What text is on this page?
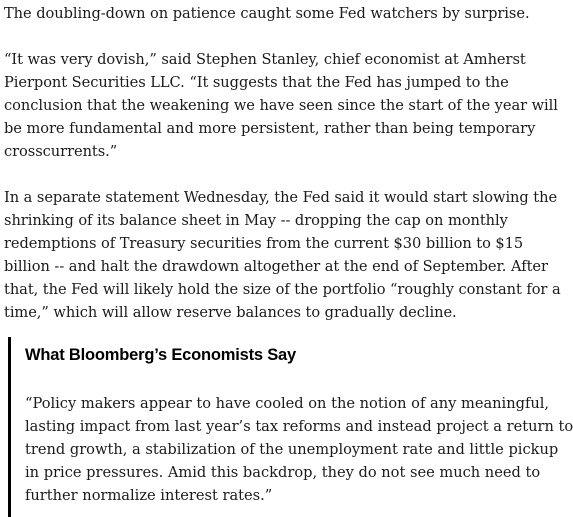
The doubling-down on patience caught some Fed watchers by surprise.

“It was very dovish,” said Stephen Stanley, chief economist at Amherst
Pierpont Securities LLC. “It suggests that the Fed has jumped to the
conclusion that the weakening we have seen since the start of the year will
be more fundamental and more persistent, rather than being temporary
crosscurrents.”

In a separate statement Wednesday, the Fed said it would start slowing the
shrinking of its balance sheet in May -- dropping the cap on monthly
redemptions of Treasury securities from the current $30 billion to $15
billion -- and halt the drawdown altogether at the end of September. After
that, the Fed will likely hold the size of the portfolio “roughly constant for a
time,” which will allow reserve balances to gradually decline.

What Bloomberg’s Economists Say

“Policy makers appear to have cooled on the notion of any meaningful,
lasting impact from last year’s tax reforms and instead project a return to
trend growth, a stabilization of the unemployment rate and little pickup
in price pressures. Amid this backdrop, they do not see much need to
further normalize interest rates.”
